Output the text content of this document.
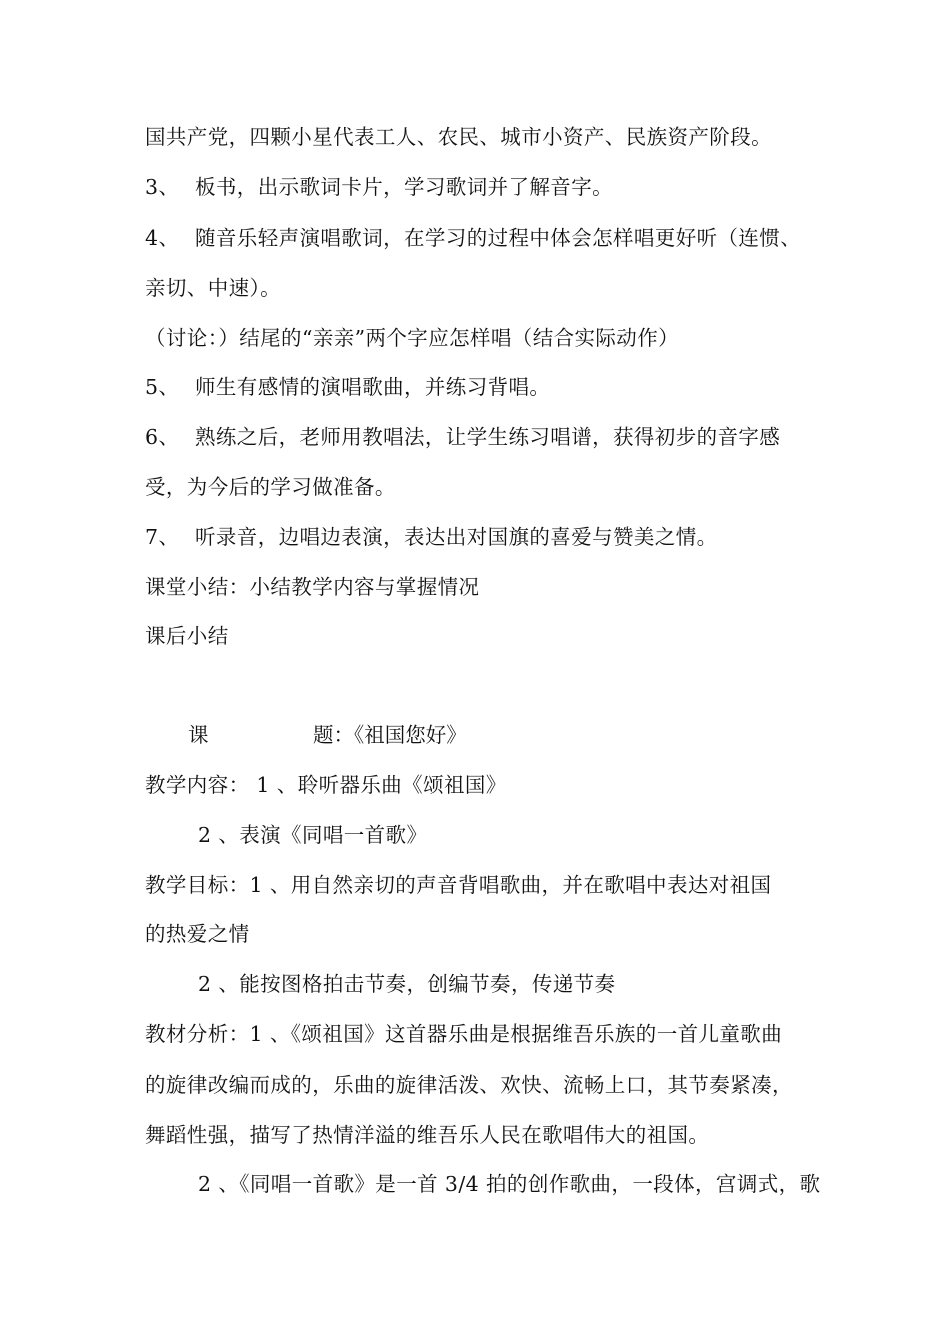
国共产党，四颗小星代表工人、农民、城市小资产、民族资产阶段。
3、 板书，出示歌词卡片，学习歌词并了解音字。
4、 随音乐轻声演唱歌词，在学习的过程中体会怎样唱更好听（连惯、
亲切、中速）。
（讨论：）结尾的“亲亲”两个字应怎样唱（结合实际动作）
5、 师生有感情的演唱歌曲，并练习背唱。
6、 熟练之后，老师用教唱法，让学生练习唱谱，获得初步的音字感
受，为今后的学习做准备。
7、 听录音，边唱边表演，表达出对国旗的喜爱与赞美之情。
课堂小结：小结教学内容与掌握情况
课后小结
课	题：《祖国您好》
教学内容： 1 、聆听器乐曲《颂祖国》
2 、表演《同唱一首歌》
教学目标：1 、用自然亲切的声音背唱歌曲，并在歌唱中表达对祖国
的热爱之情
2 、能按图格拍击节奏，创编节奏，传递节奏
教材分析：1 、《颂祖国》这首器乐曲是根据维吾乐族的一首儿童歌曲
的旋律改编而成的，乐曲的旋律活泼、欢快、流畅上口，其节奏紧凑，
舞蹈性强，描写了热情洋溢的维吾乐人民在歌唱伟大的祖国。
2 、《同唱一首歌》是一首 3/4 拍的创作歌曲，一段体，宫调式，歌
